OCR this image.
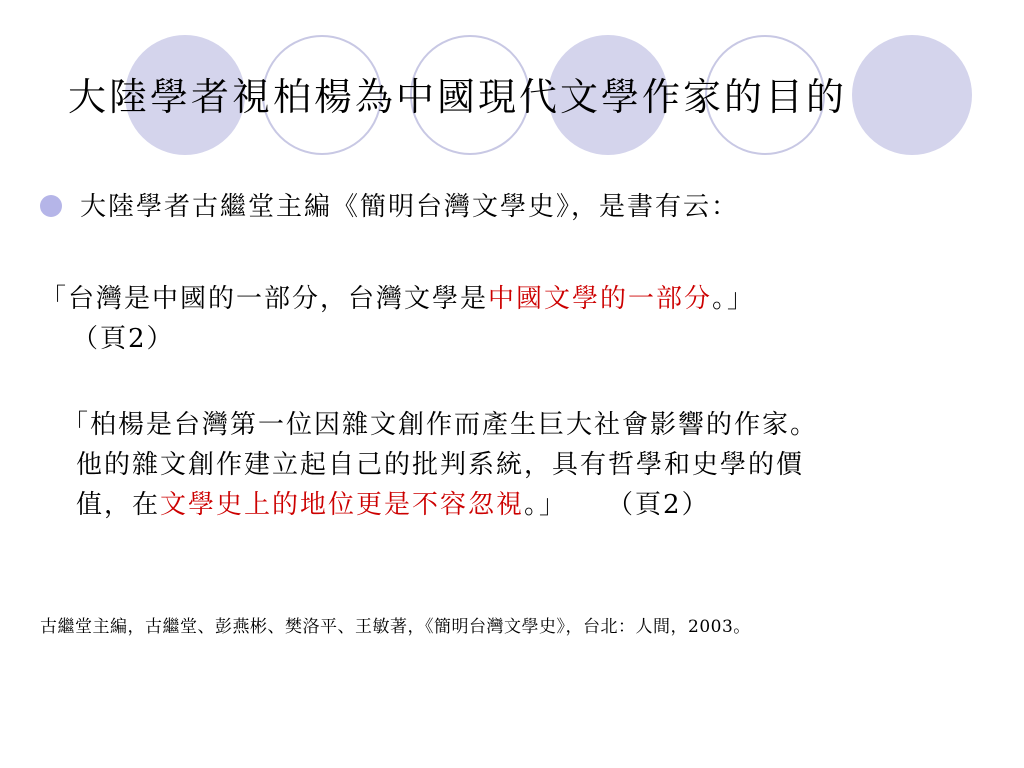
大陸學者視柏楊為中國現代文學作家的目的
大陸學者古繼堂主編《簡明台灣文學史》，是書有云：
「台灣是中國的一部分，台灣文學是中國文學的一部分。」
（頁2）
「柏楊是台灣第一位因雜文創作而產生巨大社會影響的作家。
他的雜文創作建立起自己的批判系統，具有哲學和史學的價
值，在文學史上的地位更是不容忽視。」 （頁2）
古繼堂主編，古繼堂、彭燕彬、樊洛平、王敏著，《簡明台灣文學史》，台北：人間，2003。
